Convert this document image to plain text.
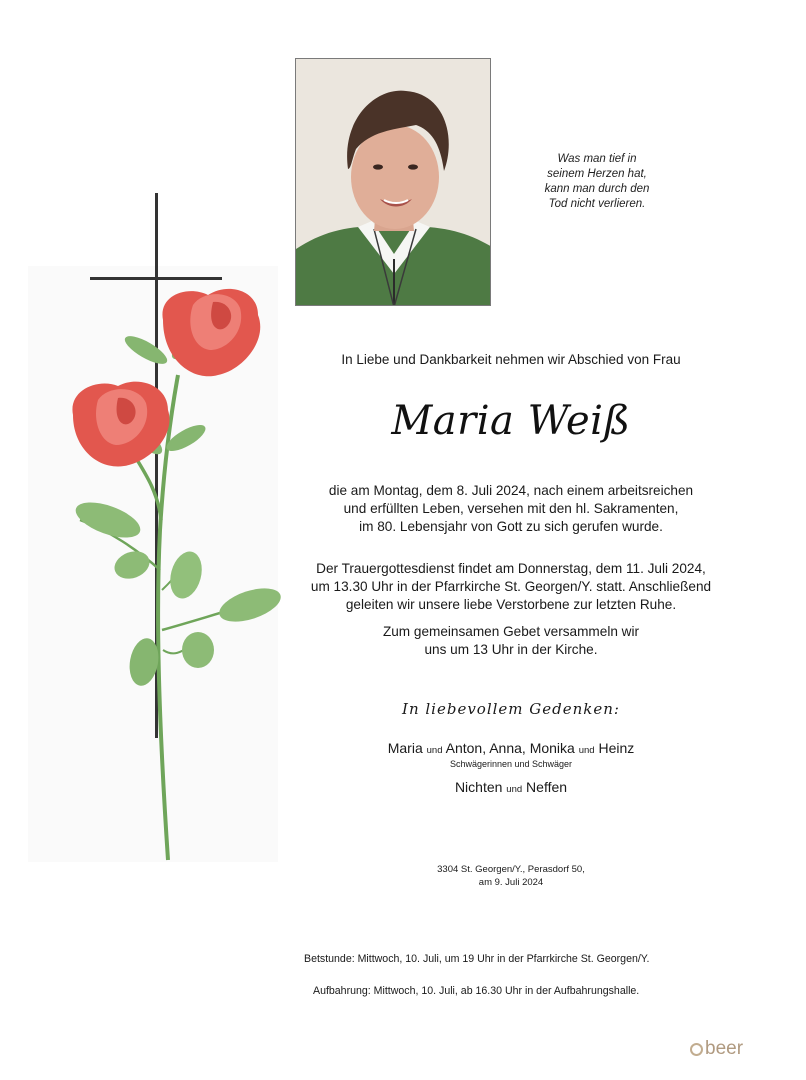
Was man tief in
seinem Herzen hat,
kann man durch den
Tod nicht verlieren.
In Liebe und Dankbarkeit nehmen wir Abschied von Frau
Maria Weiß
die am Montag, dem 8. Juli 2024, nach einem arbeitsreichen
und erfüllten Leben, versehen mit den hl. Sakramenten,
im 80. Lebensjahr von Gott zu sich gerufen wurde.
Der Trauergottesdienst findet am Donnerstag, dem 11. Juli 2024,
um 13.30 Uhr in der Pfarrkirche St. Georgen/Y. statt. Anschließend
geleiten wir unsere liebe Verstorbene zur letzten Ruhe.
Zum gemeinsamen Gebet versammeln wir
uns um 13 Uhr in der Kirche.
In liebevollem Gedenken:
Maria und Anton, Anna, Monika und Heinz
Schwägerinnen und Schwäger
Nichten und Neffen
3304 St. Georgen/Y., Perasdorf 50,
am 9. Juli 2024
Betstunde: Mittwoch, 10. Juli, um 19 Uhr in der Pfarrkirche St. Georgen/Y.
Aufbahrung: Mittwoch, 10. Juli, ab 16.30 Uhr in der Aufbahrungshalle.
beer
